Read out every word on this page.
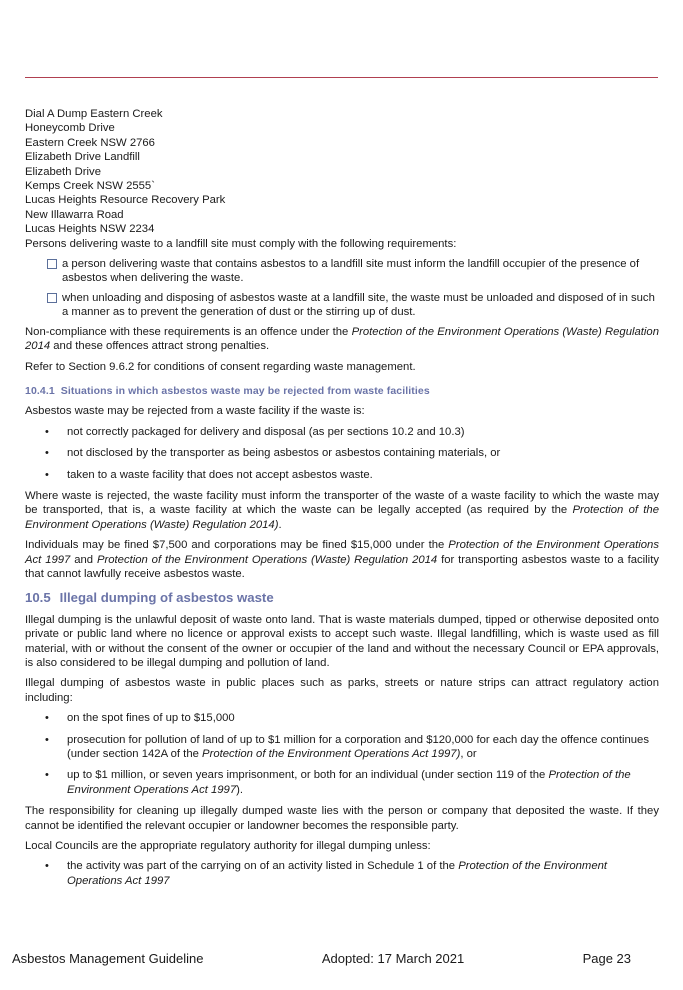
Dial A Dump Eastern Creek
Honeycomb Drive
Eastern Creek NSW 2766

Elizabeth Drive Landfill
Elizabeth Drive
Kemps Creek NSW 2555`

Lucas Heights Resource Recovery Park
New Illawarra Road
Lucas Heights NSW 2234

Persons delivering waste to a landfill site must comply with the following requirements:

a person delivering waste that contains asbestos to a landfill site must inform the landfill occupier of the presence of asbestos when delivering the waste.
when unloading and disposing of asbestos waste at a landfill site, the waste must be unloaded and disposed of in such a manner as to prevent the generation of dust or the stirring up of dust.

Non-compliance with these requirements is an offence under the Protection of the Environment Operations (Waste) Regulation 2014 and these offences attract strong penalties.

Refer to Section 9.6.2 for conditions of consent regarding waste management.

10.4.1 Situations in which asbestos waste may be rejected from waste facilities

Asbestos waste may be rejected from a waste facility if the waste is:

• not correctly packaged for delivery and disposal (as per sections 10.2 and 10.3)
• not disclosed by the transporter as being asbestos or asbestos containing materials, or
• taken to a waste facility that does not accept asbestos waste.

Where waste is rejected, the waste facility must inform the transporter of the waste of a waste facility to which the waste may be transported, that is, a waste facility at which the waste can be legally accepted (as required by the Protection of the Environment Operations (Waste) Regulation 2014).

Individuals may be fined $7,500 and corporations may be fined $15,000 under the Protection of the Environment Operations Act 1997 and Protection of the Environment Operations (Waste) Regulation 2014 for transporting asbestos waste to a facility that cannot lawfully receive asbestos waste.

10.5 Illegal dumping of asbestos waste

Illegal dumping is the unlawful deposit of waste onto land. That is waste materials dumped, tipped or otherwise deposited onto private or public land where no licence or approval exists to accept such waste. Illegal landfilling, which is waste used as fill material, with or without the consent of the owner or occupier of the land and without the necessary Council or EPA approvals, is also considered to be illegal dumping and pollution of land.

Illegal dumping of asbestos waste in public places such as parks, streets or nature strips can attract regulatory action including:

• on the spot fines of up to $15,000
• prosecution for pollution of land of up to $1 million for a corporation and $120,000 for each day the offence continues (under section 142A of the Protection of the Environment Operations Act 1997), or
• up to $1 million, or seven years imprisonment, or both for an individual (under section 119 of the Protection of the Environment Operations Act 1997).

The responsibility for cleaning up illegally dumped waste lies with the person or company that deposited the waste. If they cannot be identified the relevant occupier or landowner becomes the responsible party.

Local Councils are the appropriate regulatory authority for illegal dumping unless:

• the activity was part of the carrying on of an activity listed in Schedule 1 of the Protection of the Environment Operations Act 1997
Asbestos Management Guideline	Adopted: 17 March 2021	Page 23
